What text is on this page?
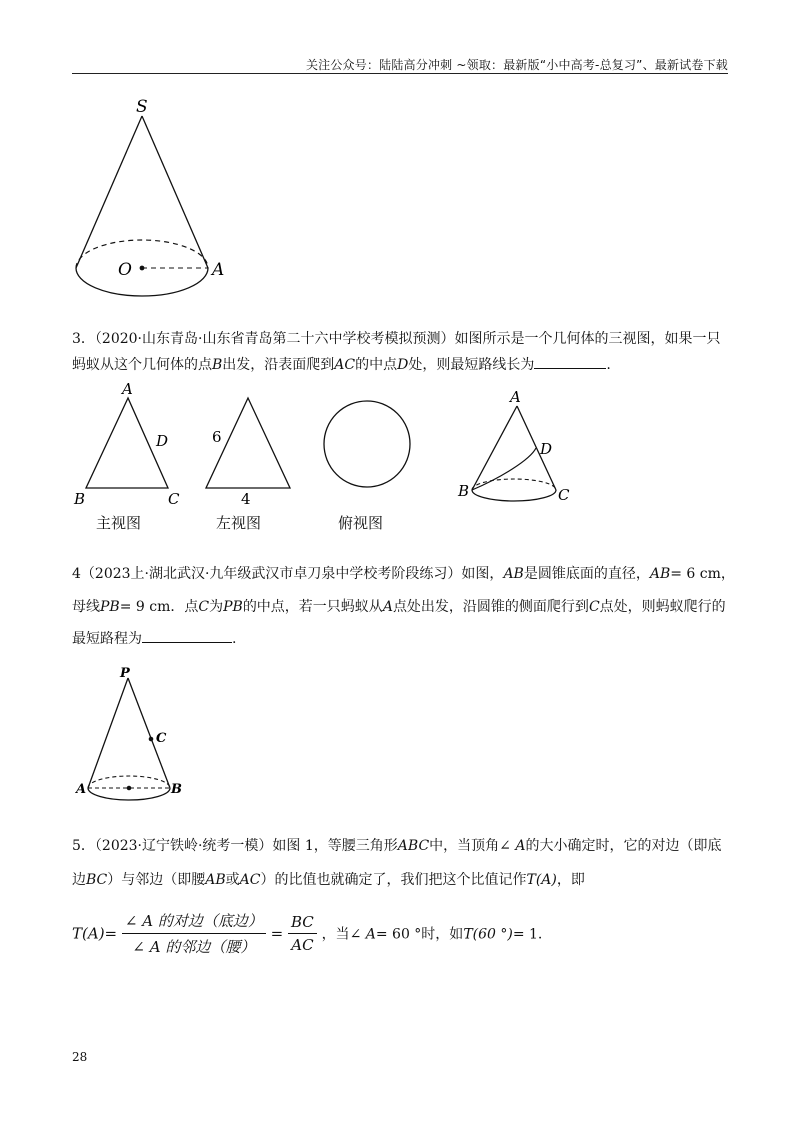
关注公众号：陆陆高分冲刺 ~领取：最新版“小中高考-总复习”、最新试卷下载
S
O	A
3．（2020·山东青岛·山东省青岛第二十六中学校考模拟预测）如图所示是一个几何体的三视图，如果一只
蚂蚁从这个几何体的点B出发，沿表面爬到AC的中点D处，则最短路线长为	.
A
D
B	C
6
4
A
D
B	C
主视图	左视图	俯视图
4（2023上·湖北武汉·九年级武汉市卓刀泉中学校考阶段练习）如图，AB是圆锥底面的直径，AB= 6 cm，
母线PB= 9 cm．点C为PB的中点，若一只蚂蚁从A点处出发，沿圆锥的侧面爬行到C点处，则蚂蚁爬行的
最短路程为	.
P
C
A	B
5．（2023·辽宁铁岭·统考一模）如图 1，等腰三角形ABC中，当顶角∠ A的大小确定时，它的对边（即底
边BC）与邻边（即腰AB或AC）的比值也就确定了，我们把这个比值记作T(A)，即
$T(A)= \frac{\text{∠ A 的对边（底边）}}{\text{∠ A 的邻边（腰）}} = \frac{BC}{AC}$ ，当∠ A= 60 °时，如T(60 °)= 1.
28
